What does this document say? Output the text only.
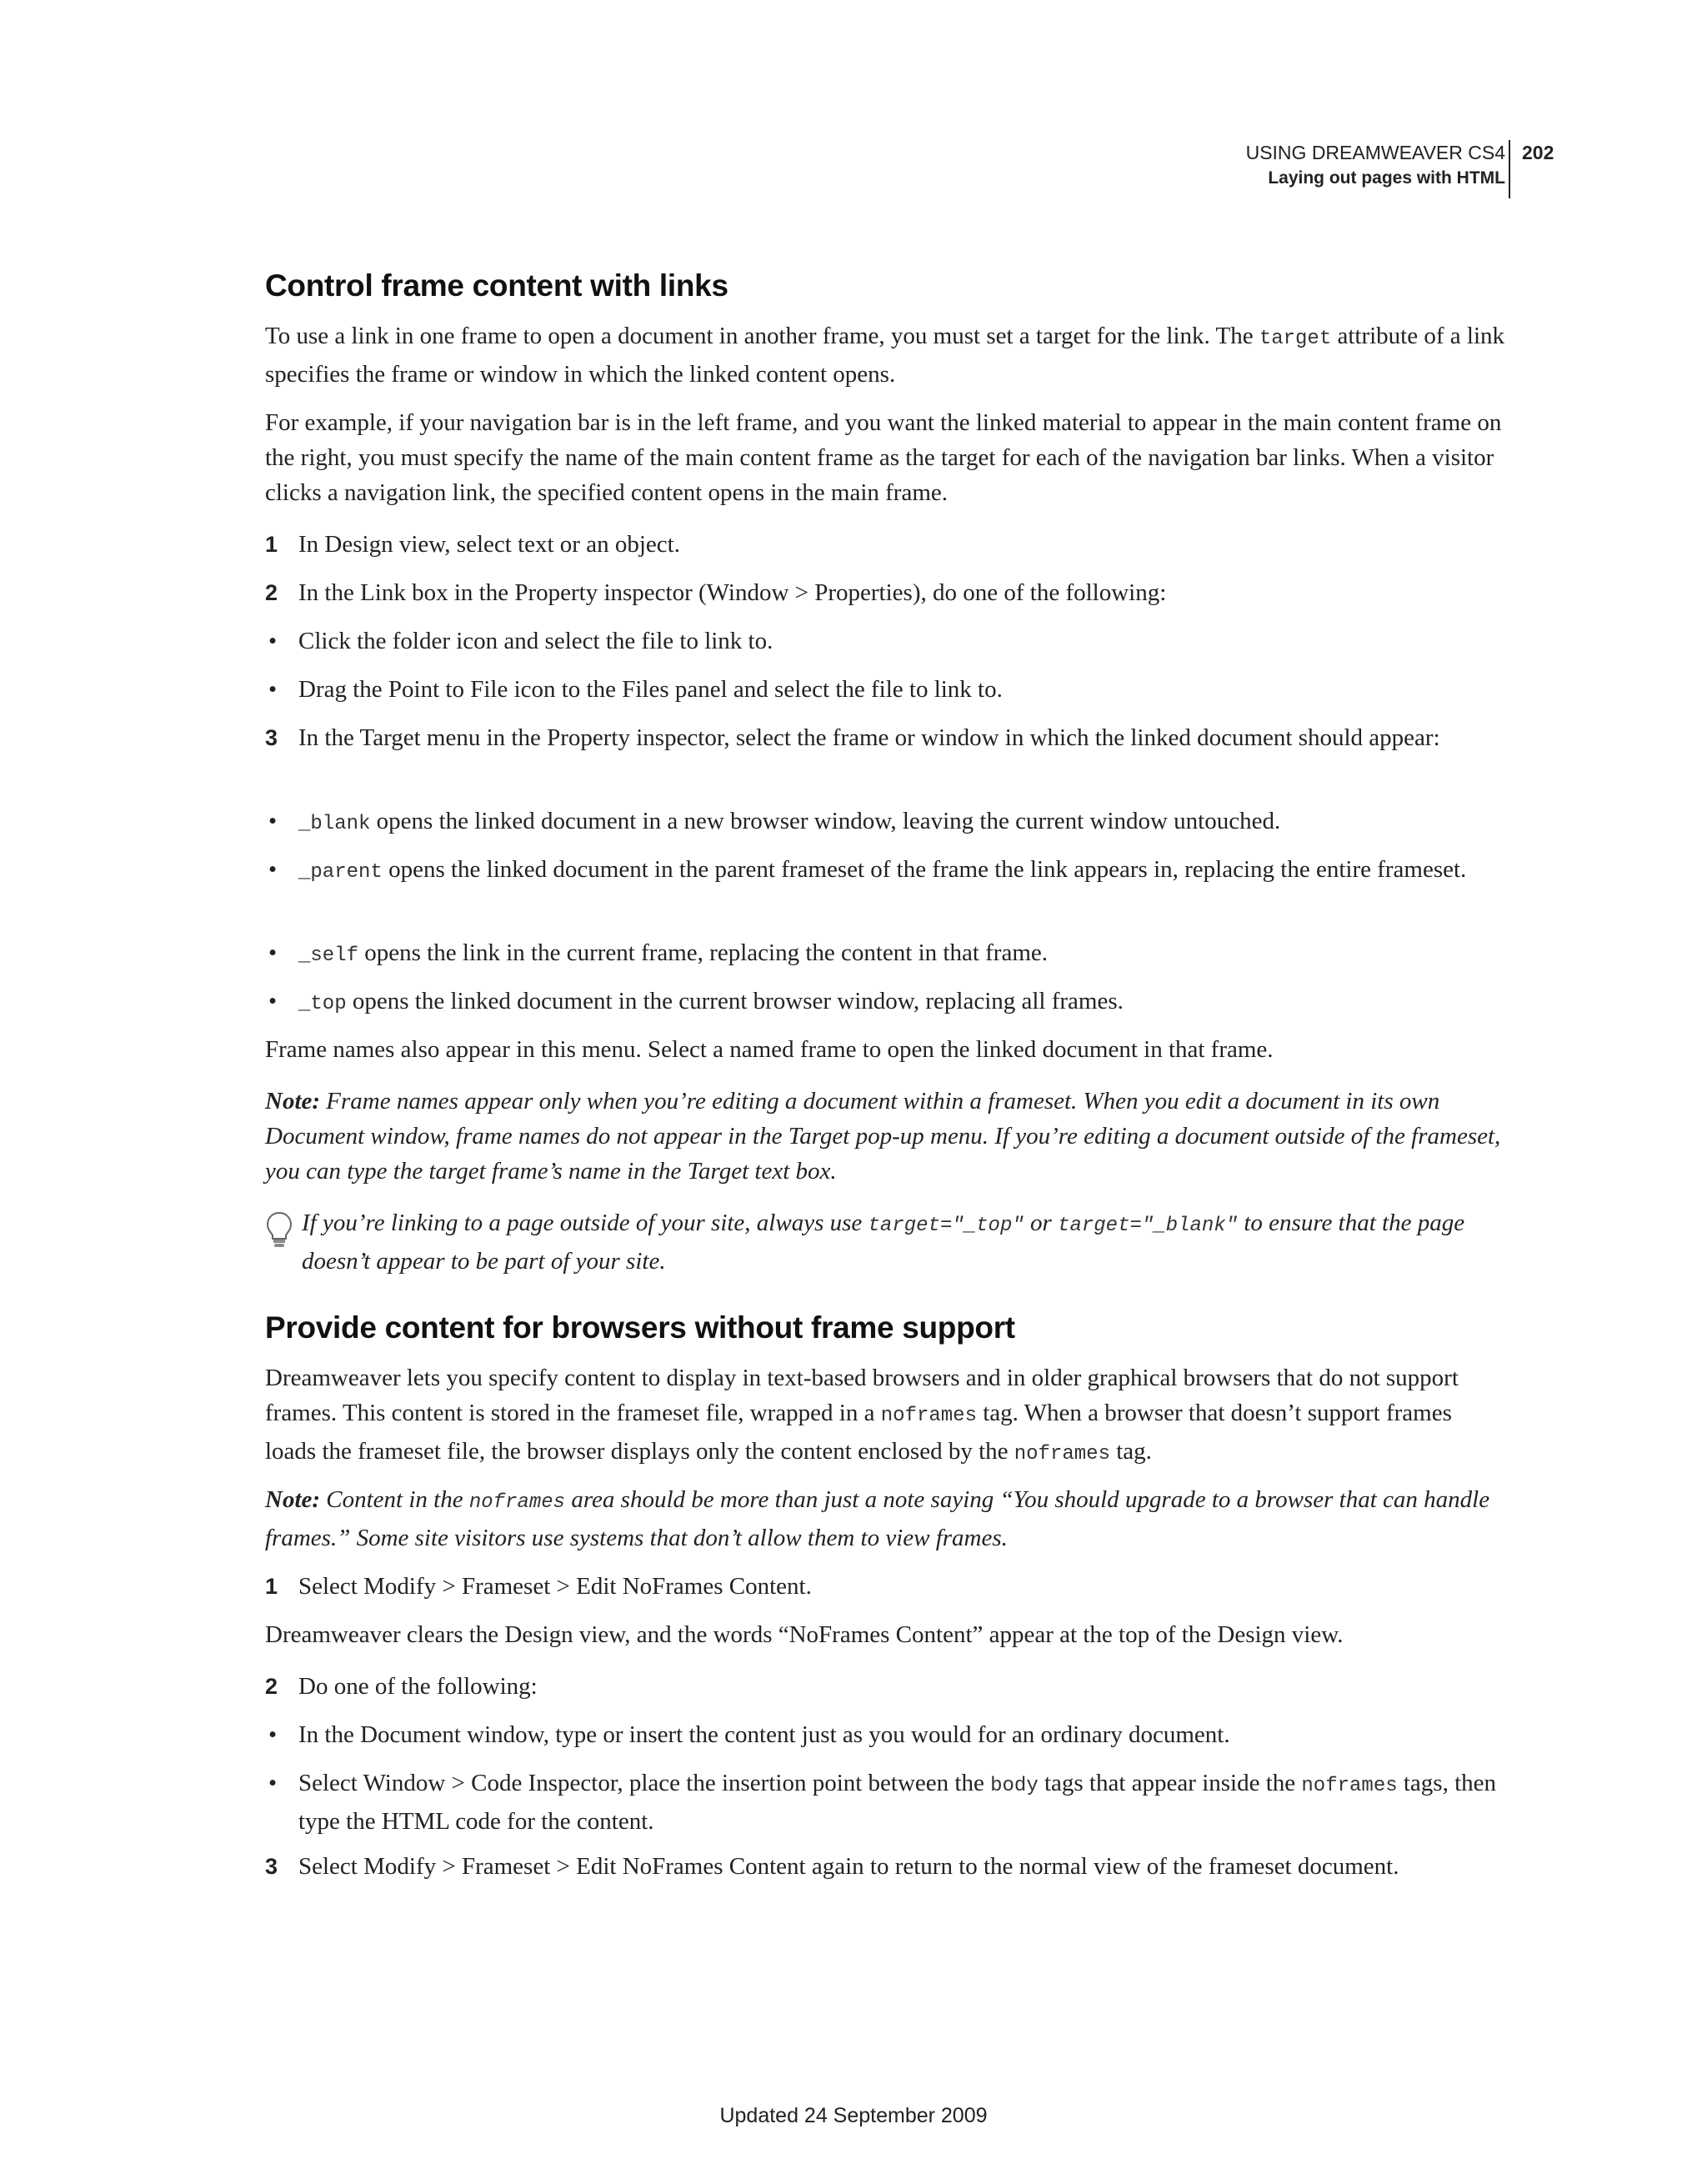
USING DREAMWEAVER CS4
Laying out pages with HTML
202
Control frame content with links
To use a link in one frame to open a document in another frame, you must set a target for the link. The target attribute of a link specifies the frame or window in which the linked content opens.
For example, if your navigation bar is in the left frame, and you want the linked material to appear in the main content frame on the right, you must specify the name of the main content frame as the target for each of the navigation bar links. When a visitor clicks a navigation link, the specified content opens in the main frame.
1 In Design view, select text or an object.
2 In the Link box in the Property inspector (Window > Properties), do one of the following:
• Click the folder icon and select the file to link to.
• Drag the Point to File icon to the Files panel and select the file to link to.
3 In the Target menu in the Property inspector, select the frame or window in which the linked document should appear:
• _blank opens the linked document in a new browser window, leaving the current window untouched.
• _parent opens the linked document in the parent frameset of the frame the link appears in, replacing the entire frameset.
• _self opens the link in the current frame, replacing the content in that frame.
• _top opens the linked document in the current browser window, replacing all frames.
Frame names also appear in this menu. Select a named frame to open the linked document in that frame.
Note: Frame names appear only when you’re editing a document within a frameset. When you edit a document in its own Document window, frame names do not appear in the Target pop-up menu. If you’re editing a document outside of the frameset, you can type the target frame’s name in the Target text box.
If you’re linking to a page outside of your site, always use target="_top" or target="_blank" to ensure that the page doesn’t appear to be part of your site.
Provide content for browsers without frame support
Dreamweaver lets you specify content to display in text-based browsers and in older graphical browsers that do not support frames. This content is stored in the frameset file, wrapped in a noframes tag. When a browser that doesn’t support frames loads the frameset file, the browser displays only the content enclosed by the noframes tag.
Note: Content in the noframes area should be more than just a note saying “You should upgrade to a browser that can handle frames.” Some site visitors use systems that don’t allow them to view frames.
1 Select Modify > Frameset > Edit NoFrames Content.
Dreamweaver clears the Design view, and the words “NoFrames Content” appear at the top of the Design view.
2 Do one of the following:
• In the Document window, type or insert the content just as you would for an ordinary document.
• Select Window > Code Inspector, place the insertion point between the body tags that appear inside the noframes tags, then type the HTML code for the content.
3 Select Modify > Frameset > Edit NoFrames Content again to return to the normal view of the frameset document.
Updated 24 September 2009
